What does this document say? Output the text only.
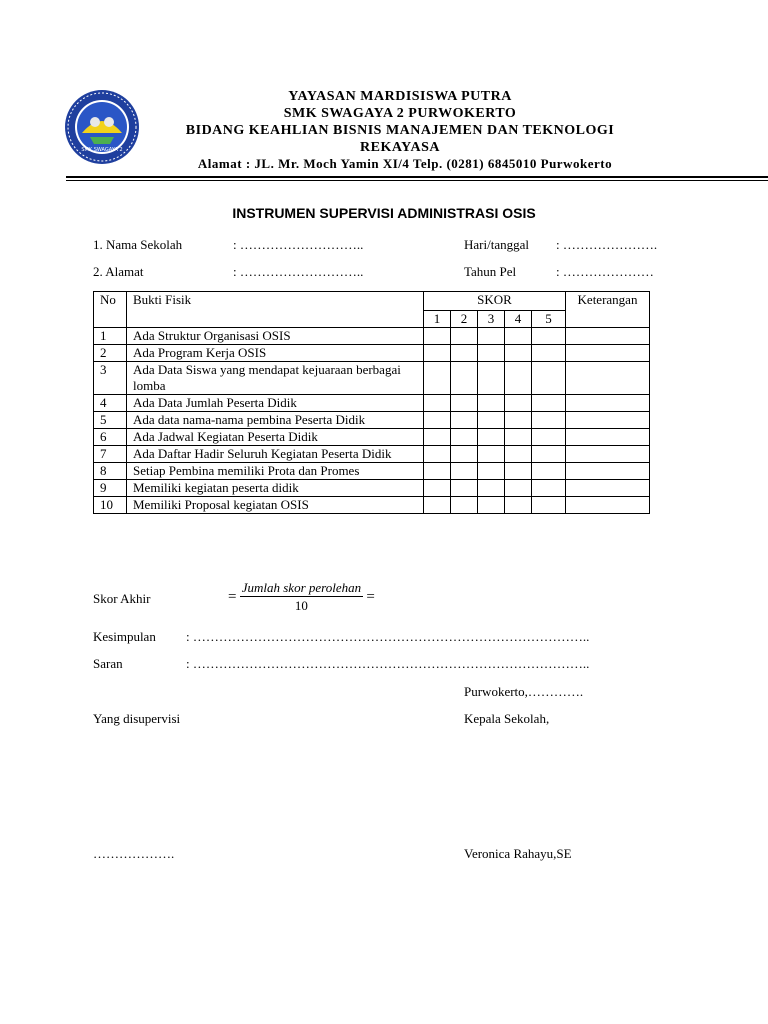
SMK SWAGAYA 2
YAYASAN MARDISISWA PUTRA
SMK SWAGAYA 2 PURWOKERTO
BIDANG KEAHLIAN BISNIS MANAJEMEN DAN TEKNOLOGI
REKAYASA
Alamat : JL. Mr. Moch Yamin XI/4 Telp. (0281) 6845010 Purwokerto
INSTRUMEN SUPERVISI ADMINISTRASI OSIS
1. Nama Sekolah	: ………………………..	Hari/tanggal : ………………….
2. Alamat	: ………………………..	Tahun Pel	: …………………
No	Bukti Fisik	SKOR					Keterangan
		1	2	3	4	5	
1	Ada Struktur Organisasi OSIS						
2	Ada Program Kerja OSIS						
3	Ada Data Siswa yang mendapat kejuaraan berbagai lomba						
4	Ada Data Jumlah Peserta Didik						
5	Ada data nama-nama pembina Peserta Didik						
6	Ada Jadwal Kegiatan Peserta Didik						
7	Ada Daftar Hadir Seluruh Kegiatan Peserta Didik						
8	Setiap Pembina memiliki Prota dan Promes						
9	Memiliki kegiatan peserta didik						
10	Memiliki Proposal kegiatan OSIS						
Skor Akhir	= $\frac{\text{Jumlah skor perolehan}}{10}$ =
Kesimpulan : ………………………………………………………………………………..
Saran	: ………………………………………………………………………………..
Purwokerto,………….
Yang disupervisi	Kepala Sekolah,
……………….	Veronica Rahayu,SE
